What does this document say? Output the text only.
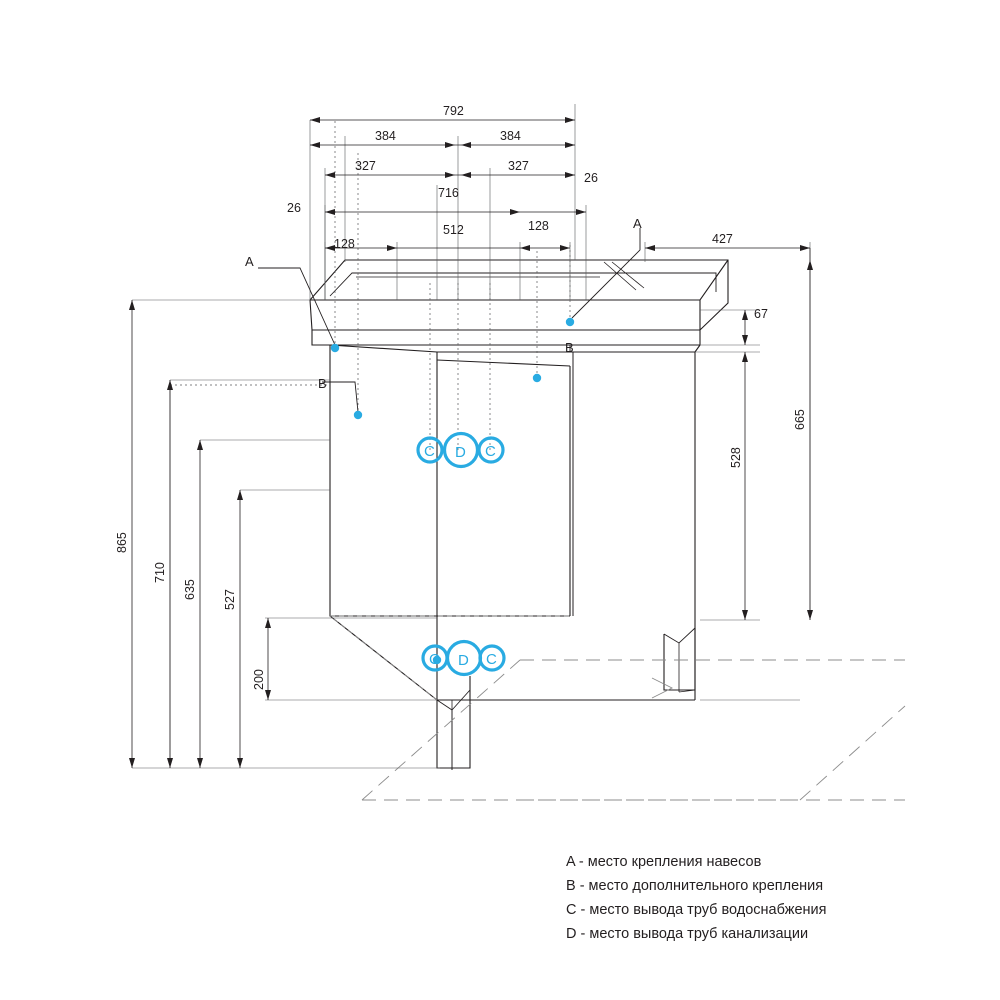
792
384	384
327	327
716
26
26
128
512	128
427
865
710
635 527
200
67
665
528
A
A
B
B
C D C
C D C
A - место крепления навесов
B - место дополнительного крепления
C - место вывода труб водоснабжения
D - место вывода труб канализации
